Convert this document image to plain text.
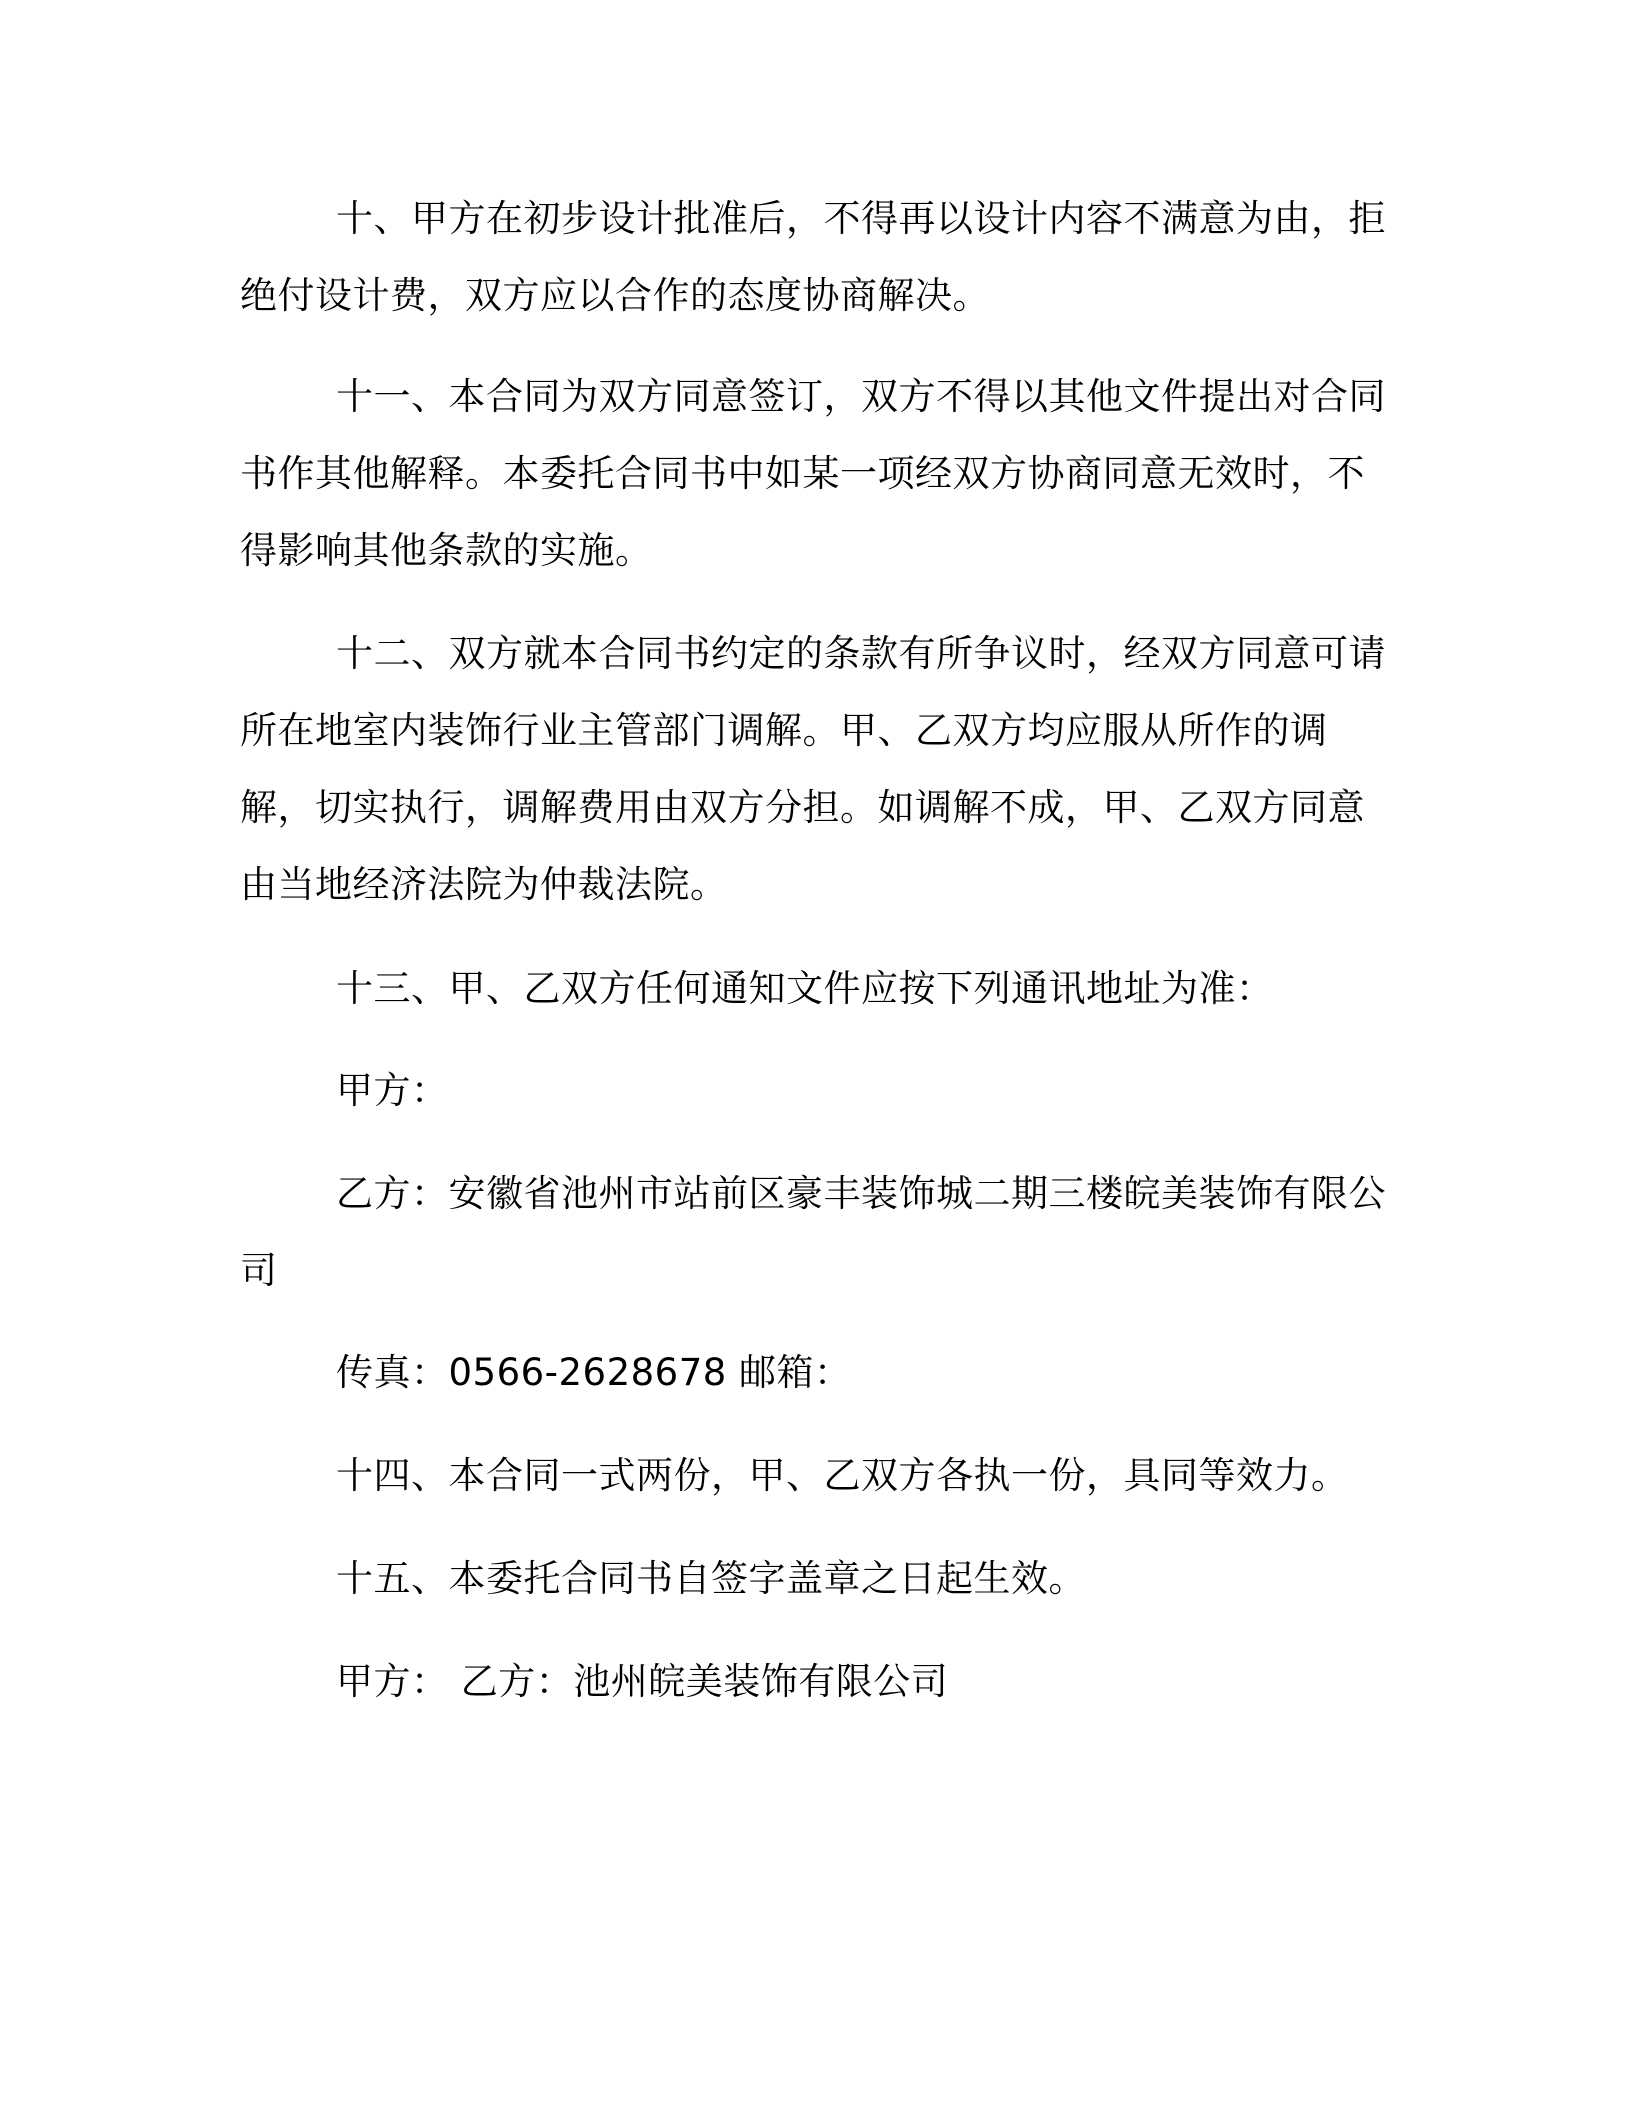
十、甲方在初步设计批准后，不得再以设计内容不满意为由，拒绝付设计费，双方应以合作的态度协商解决。

十一、本合同为双方同意签订，双方不得以其他文件提出对合同书作其他解释。本委托合同书中如某一项经双方协商同意无效时，不得影响其他条款的实施。

十二、双方就本合同书约定的条款有所争议时，经双方同意可请所在地室内装饰行业主管部门调解。甲、乙双方均应服从所作的调解，切实执行，调解费用由双方分担。如调解不成，甲、乙双方同意由当地经济法院为仲裁法院。

十三、甲、乙双方任何通知文件应按下列通讯地址为准：

甲方：

乙方：安徽省池州市站前区豪丰装饰城二期三楼皖美装饰有限公司

传真：0566-2628678 邮箱：

十四、本合同一式两份，甲、乙双方各执一份，具同等效力。

十五、本委托合同书自签字盖章之日起生效。

甲方： 乙方：池州皖美装饰有限公司
